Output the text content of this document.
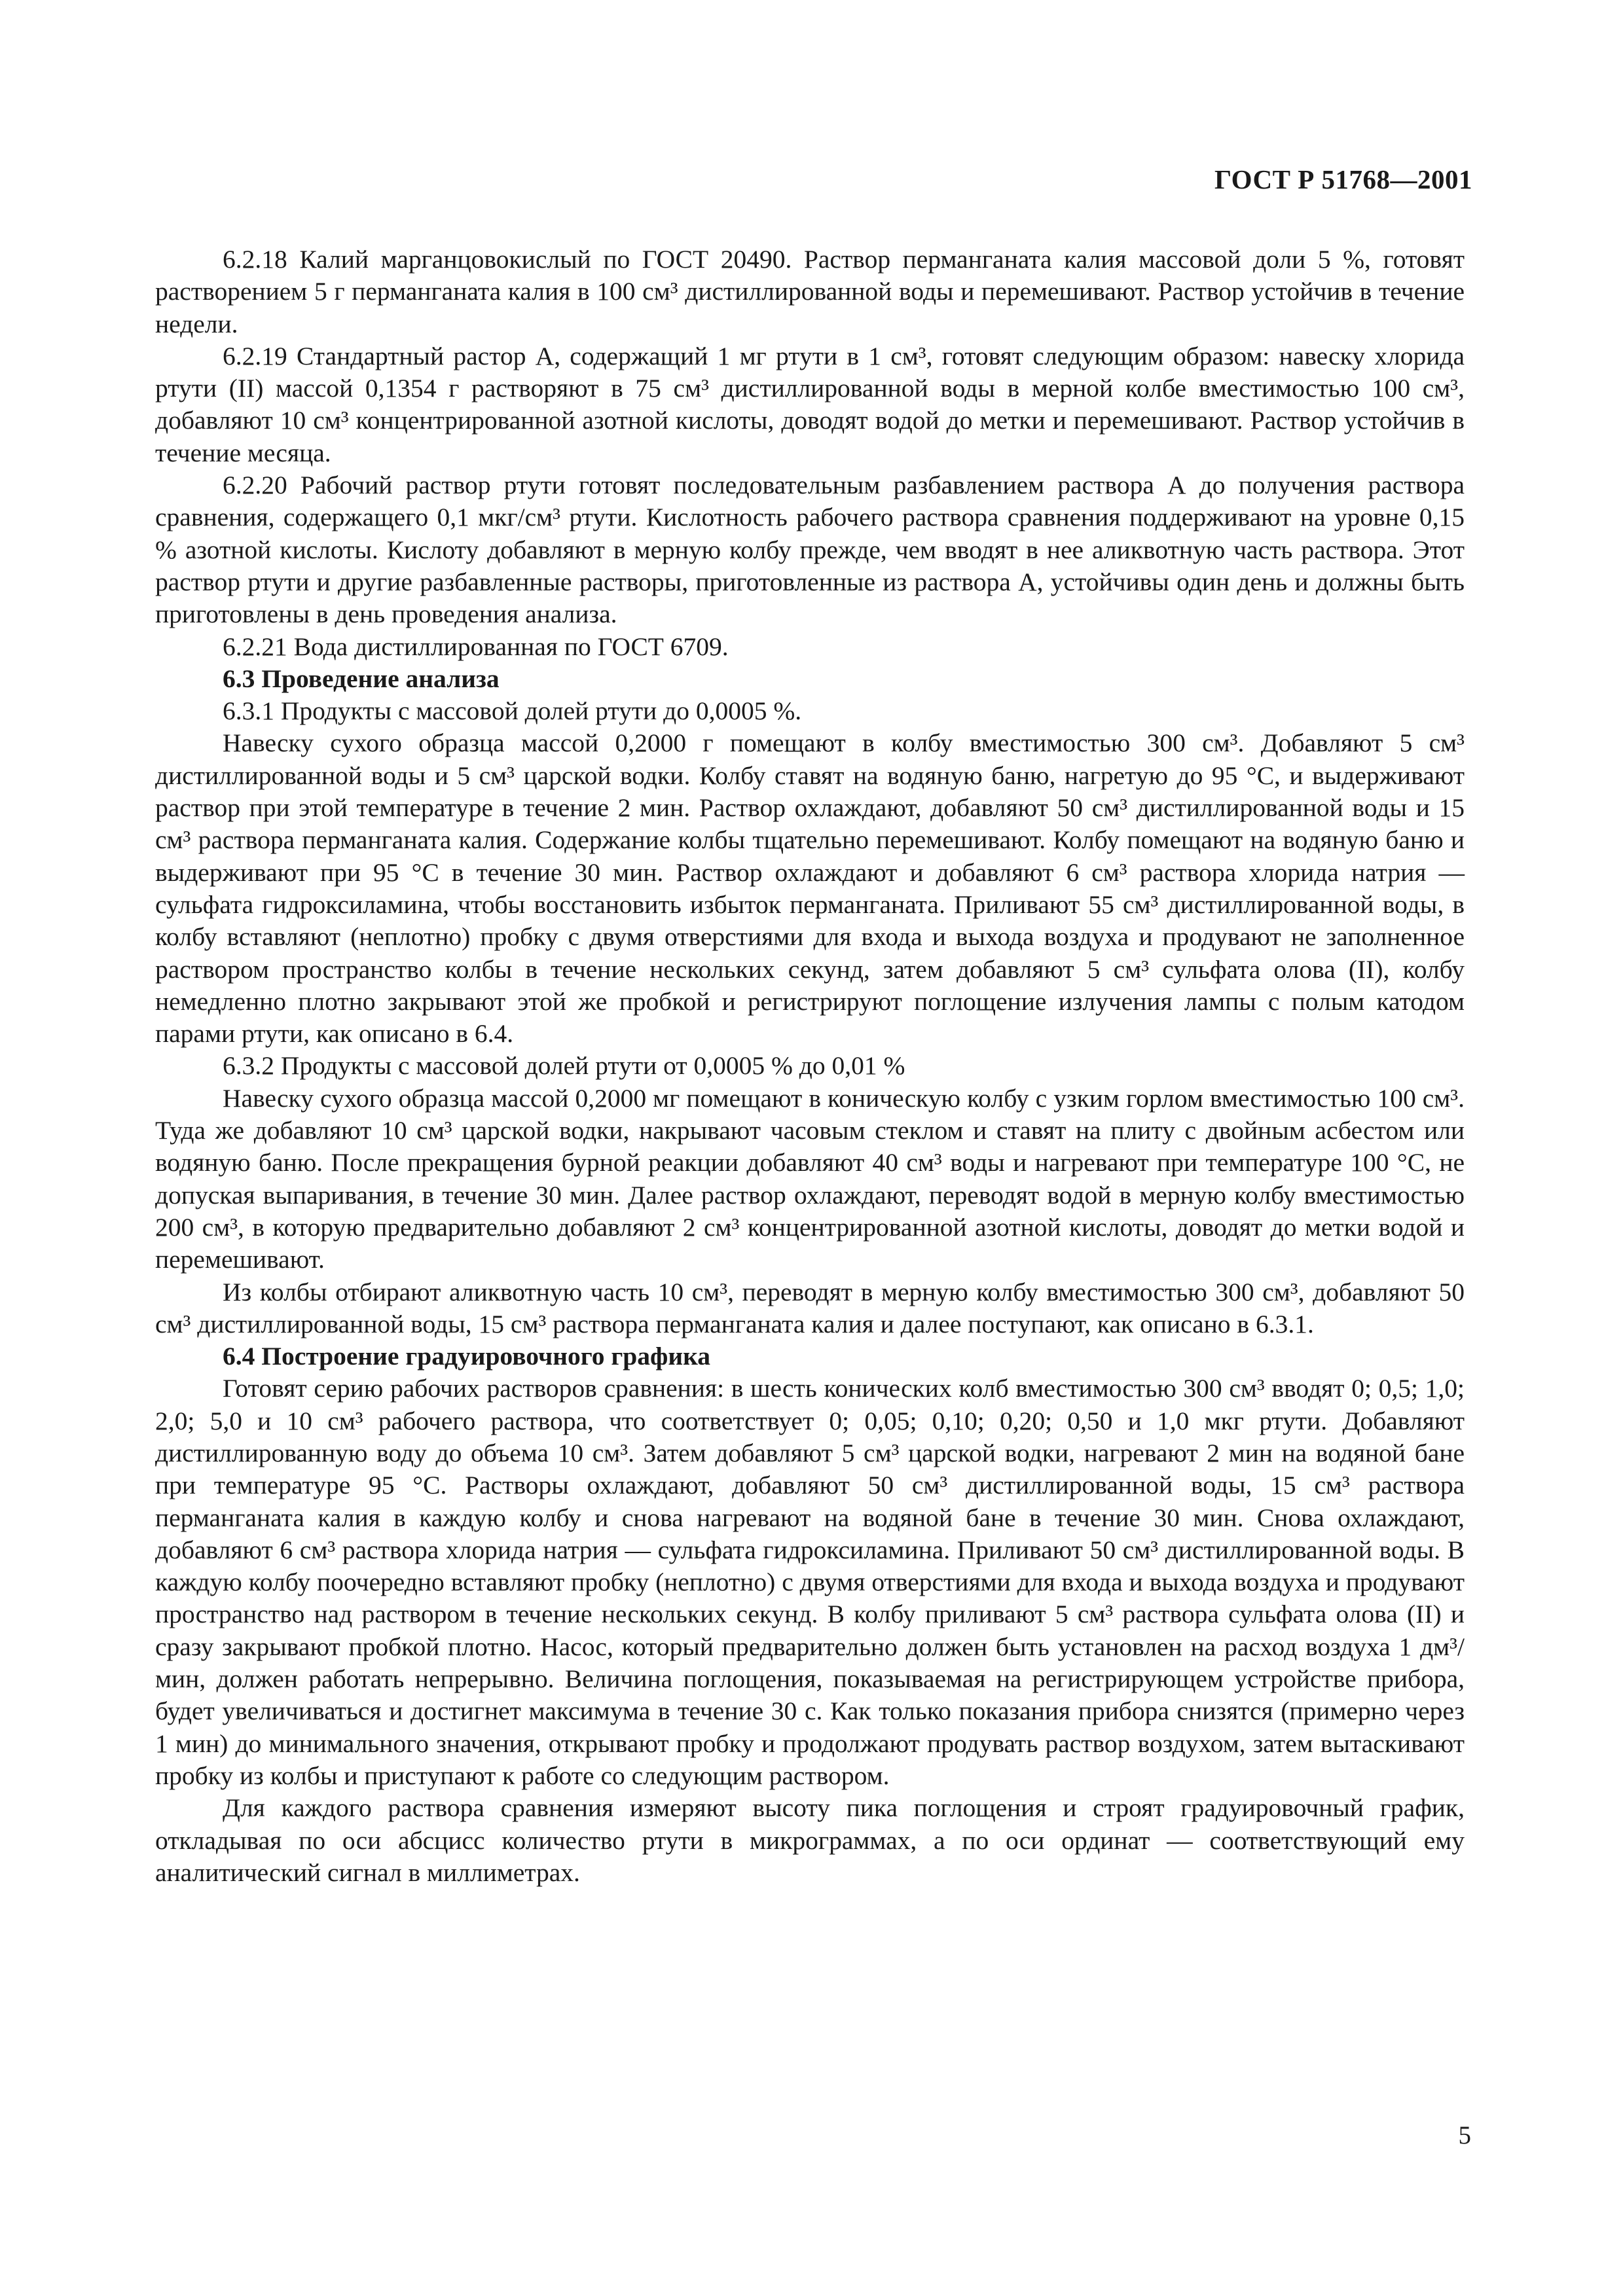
ГОСТ Р 51768—2001

6.2.18 Калий марганцовокислый по ГОСТ 20490. Раствор перманганата калия массовой доли 5 %, готовят растворением 5 г перманганата калия в 100 см³ дистиллированной воды и перемешивают. Раствор устойчив в течение недели.

6.2.19 Стандартный растор А, содержащий 1 мг ртути в 1 см³, готовят следующим образом: навеску хлорида ртути (II) массой 0,1354 г растворяют в 75 см³ дистиллированной воды в мерной колбе вместимостью 100 см³, добавляют 10 см³ концентрированной азотной кислоты, доводят водой до метки и перемешивают. Раствор устойчив в течение месяца.

6.2.20 Рабочий раствор ртути готовят последовательным разбавлением раствора А до получения раствора сравнения, содержащего 0,1 мкг/см³ ртути. Кислотность рабочего раствора сравнения поддерживают на уровне 0,15 % азотной кислоты. Кислоту добавляют в мерную колбу прежде, чем вводят в нее аликвотную часть раствора. Этот раствор ртути и другие разбавленные растворы, приготовленные из раствора А, устойчивы один день и должны быть приготовлены в день проведения анализа.

6.2.21 Вода дистиллированная по ГОСТ 6709.

6.3 Проведение анализа

6.3.1 Продукты с массовой долей ртути до 0,0005 %.

Навеску сухого образца массой 0,2000 г помещают в колбу вместимостью 300 см³. Добавляют 5 см³ дистиллированной воды и 5 см³ царской водки. Колбу ставят на водяную баню, нагретую до 95 °С, и выдерживают раствор при этой температуре в течение 2 мин. Раствор охлаждают, добавляют 50 см³ дистиллированной воды и 15 см³ раствора перманганата калия. Содержание колбы тщательно перемешивают. Колбу помещают на водяную баню и выдерживают при 95 °С в течение 30 мин. Раствор охлаждают и добавляют 6 см³ раствора хлорида натрия — сульфата гидроксиламина, чтобы восстановить избыток перманганата. Приливают 55 см³ дистиллированной воды, в колбу вставляют (неплотно) пробку с двумя отверстиями для входа и выхода воздуха и продувают не заполненное раствором пространство колбы в течение нескольких секунд, затем добавляют 5 см³ сульфата олова (II), колбу немедленно плотно закрывают этой же пробкой и регистрируют поглощение излучения лампы с полым катодом парами ртути, как описано в 6.4.

6.3.2 Продукты с массовой долей ртути от 0,0005 % до 0,01 %

Навеску сухого образца массой 0,2000 мг помещают в коническую колбу с узким горлом вместимостью 100 см³. Туда же добавляют 10 см³ царской водки, накрывают часовым стеклом и ставят на плиту с двойным асбестом или водяную баню. После прекращения бурной реакции добавляют 40 см³ воды и нагревают при температуре 100 °С, не допуская выпаривания, в течение 30 мин. Далее раствор охлаждают, переводят водой в мерную колбу вместимостью 200 см³, в которую предварительно добавляют 2 см³ концентрированной азотной кислоты, доводят до метки водой и перемешивают.

Из колбы отбирают аликвотную часть 10 см³, переводят в мерную колбу вместимостью 300 см³, добавляют 50 см³ дистиллированной воды, 15 см³ раствора перманганата калия и далее поступают, как описано в 6.3.1.

6.4 Построение градуировочного графика

Готовят серию рабочих растворов сравнения: в шесть конических колб вместимостью 300 см³ вводят 0; 0,5; 1,0; 2,0; 5,0 и 10 см³ рабочего раствора, что соответствует 0; 0,05; 0,10; 0,20; 0,50 и 1,0 мкг ртути. Добавляют дистиллированную воду до объема 10 см³. Затем добавляют 5 см³ царской водки, нагревают 2 мин на водяной бане при температуре 95 °С. Растворы охлаждают, добавляют 50 см³ дистиллированной воды, 15 см³ раствора перманганата калия в каждую колбу и снова нагревают на водяной бане в течение 30 мин. Снова охлаждают, добавляют 6 см³ раствора хлорида натрия — сульфата гидроксиламина. Приливают 50 см³ дистиллированной воды. В каждую колбу поочередно вставляют пробку (неплотно) с двумя отверстиями для входа и выхода воздуха и продувают пространство над раствором в течение нескольких секунд. В колбу приливают 5 см³ раствора сульфата олова (II) и сразу закрывают пробкой плотно. Насос, который предварительно должен быть установлен на расход воздуха 1 дм³/мин, должен работать непрерывно. Величина поглощения, показываемая на регистрирующем устройстве прибора, будет увеличиваться и достигнет максимума в течение 30 с. Как только показания прибора снизятся (примерно через 1 мин) до минимального значения, открывают пробку и продолжают продувать раствор воздухом, затем вытаскивают пробку из колбы и приступают к работе со следующим раствором.

Для каждого раствора сравнения измеряют высоту пика поглощения и строят градуировочный график, откладывая по оси абсцисс количество ртути в микрограммах, а по оси ординат — соответствующий ему аналитический сигнал в миллиметрах.

5
